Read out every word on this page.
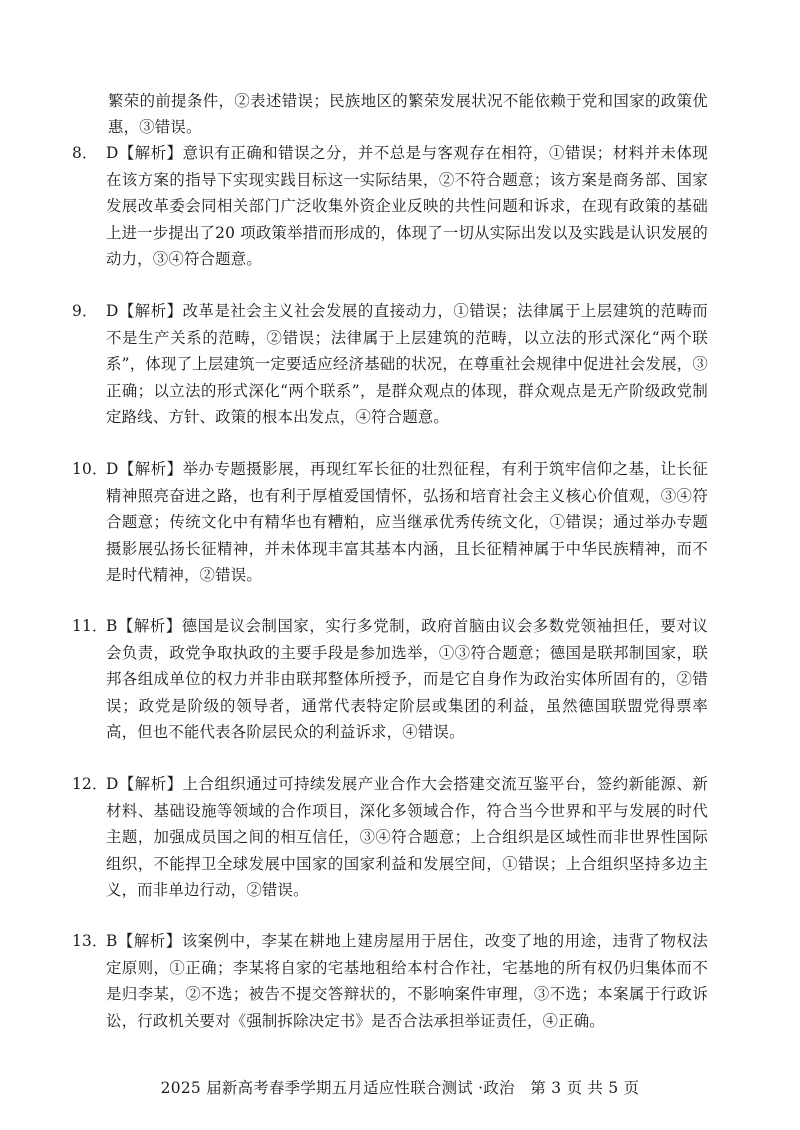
繁荣的前提条件，②表述错误；民族地区的繁荣发展状况不能依赖于党和国家的政策优惠，③错误。
8． D【解析】意识有正确和错误之分，并不总是与客观存在相符，①错误；材料并未体现在该方案的指导下实现实践目标这一实际结果，②不符合题意；该方案是商务部、国家发展改革委会同相关部门广泛收集外资企业反映的共性问题和诉求，在现有政策的基础上进一步提出了20 项政策举措而形成的，体现了一切从实际出发以及实践是认识发展的动力，③④符合题意。
9． D【解析】改革是社会主义社会发展的直接动力，①错误；法律属于上层建筑的范畴而不是生产关系的范畴，②错误；法律属于上层建筑的范畴，以立法的形式深化“两个联系”，体现了上层建筑一定要适应经济基础的状况，在尊重社会规律中促进社会发展，③正确；以立法的形式深化“两个联系”，是群众观点的体现，群众观点是无产阶级政党制 定路线、方针、政策的根本出发点，④符合题意。
10．
D【解析】举办专题摄影展，再现红军长征的壮烈征程，有利于筑牢信仰之基，让长征精神照亮奋进之路，也有利于厚植爱国情怀，弘扬和培育社会主义核心价值观，③④符合题意；传统文化中有精华也有糟粕，应当继承优秀传统文化，①错误；通过举办专题摄影展弘扬长征精神，并未体现丰富其基本内涵，且长征精神属于中华民族精神，而不是时代精神，②错误。
11．
B【解析】德国是议会制国家，实行多党制，政府首脑由议会多数党领袖担任，要对议会负责，政党争取执政的主要手段是参加选举，①③符合题意；德国是联邦制国家，联邦各组成单位的权力并非由联邦整体所授予，而是它自身作为政治实体所固有的，②错误；政党是阶级的领导者，通常代表特定阶层或集团的利益，虽然德国联盟党得票率高，但也不能代表各阶层民众的利益诉求，④错误。
12．
D【解析】上合组织通过可持续发展产业合作大会搭建交流互鉴平台，签约新能源、新材料、基础设施等领域的合作项目，深化多领域合作，符合当今世界和平与发展的时代主题，加强成员国之间的相互信任，③④符合题意；上合组织是区域性而非世界性国际组织，不能捍卫全球发展中国家的国家利益和发展空间，①错误；上合组织坚持多边主义，而非单边行动，②错误。
13．
B【解析】该案例中，李某在耕地上建房屋用于居住，改变了地的用途，违背了物权法定原则，①正确；李某将自家的宅基地租给本村合作社，宅基地的所有权仍归集体而不是归李某，②不选；被告不提交答辩状的，不影响案件审理，③不选；本案属于行政诉讼，行政机关要对《强制拆除决定书》是否合法承担举证责任，④正确。
2025 届新高考春季学期五月适应性联合测试 ·政治　第 3 页 共 5 页
